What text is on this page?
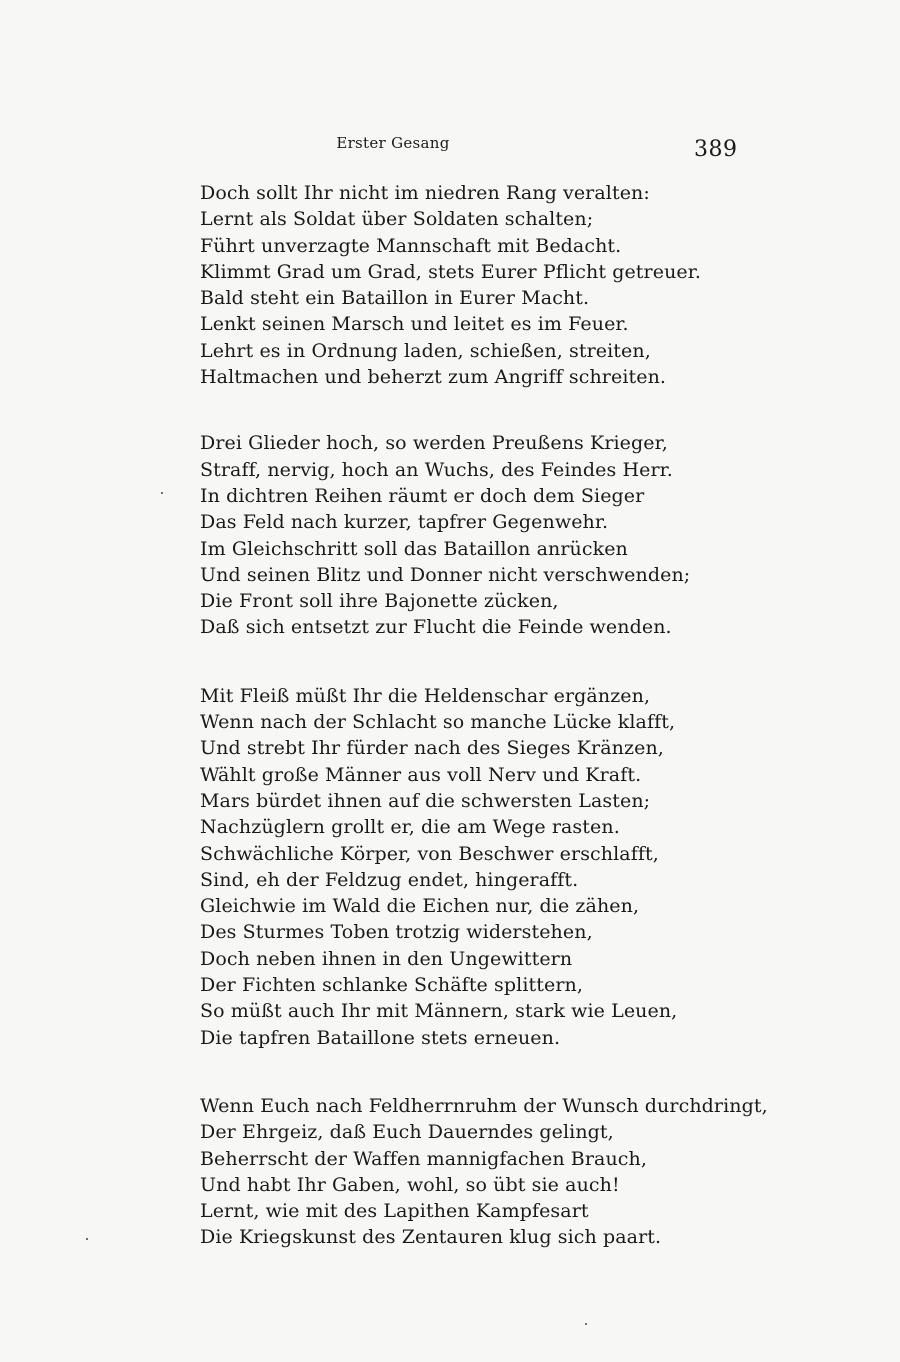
Erster Gesang	389
Doch sollt Ihr nicht im niedren Rang veralten:
Lernt als Soldat über Soldaten schalten;
Führt unverzagte Mannschaft mit Bedacht.
Klimmt Grad um Grad, stets Eurer Pflicht getreuer.
Bald steht ein Bataillon in Eurer Macht.
Lenkt seinen Marsch und leitet es im Feuer.
Lehrt es in Ordnung laden, schießen, streiten,
Haltmachen und beherzt zum Angriff schreiten.
Drei Glieder hoch, so werden Preußens Krieger,
Straff, nervig, hoch an Wuchs, des Feindes Herr.
In dichtren Reihen räumt er doch dem Sieger
Das Feld nach kurzer, tapfrer Gegenwehr.
Im Gleichschritt soll das Bataillon anrücken
Und seinen Blitz und Donner nicht verschwenden;
Die Front soll ihre Bajonette zücken,
Daß sich entsetzt zur Flucht die Feinde wenden.
Mit Fleiß müßt Ihr die Heldenschar ergänzen,
Wenn nach der Schlacht so manche Lücke klafft,
Und strebt Ihr fürder nach des Sieges Kränzen,
Wählt große Männer aus voll Nerv und Kraft.
Mars bürdet ihnen auf die schwersten Lasten;
Nachzüglern grollt er, die am Wege rasten.
Schwächliche Körper, von Beschwer erschlafft,
Sind, eh der Feldzug endet, hingerafft.
Gleichwie im Wald die Eichen nur, die zähen,
Des Sturmes Toben trotzig widerstehen,
Doch neben ihnen in den Ungewittern
Der Fichten schlanke Schäfte splittern,
So müßt auch Ihr mit Männern, stark wie Leuen,
Die tapfren Bataillone stets erneuen.
Wenn Euch nach Feldherrnruhm der Wunsch durchdringt,
Der Ehrgeiz, daß Euch Dauerndes gelingt,
Beherrscht der Waffen mannigfachen Brauch,
Und habt Ihr Gaben, wohl, so übt sie auch!
Lernt, wie mit des Lapithen Kampfesart
Die Kriegskunst des Zentauren klug sich paart.
